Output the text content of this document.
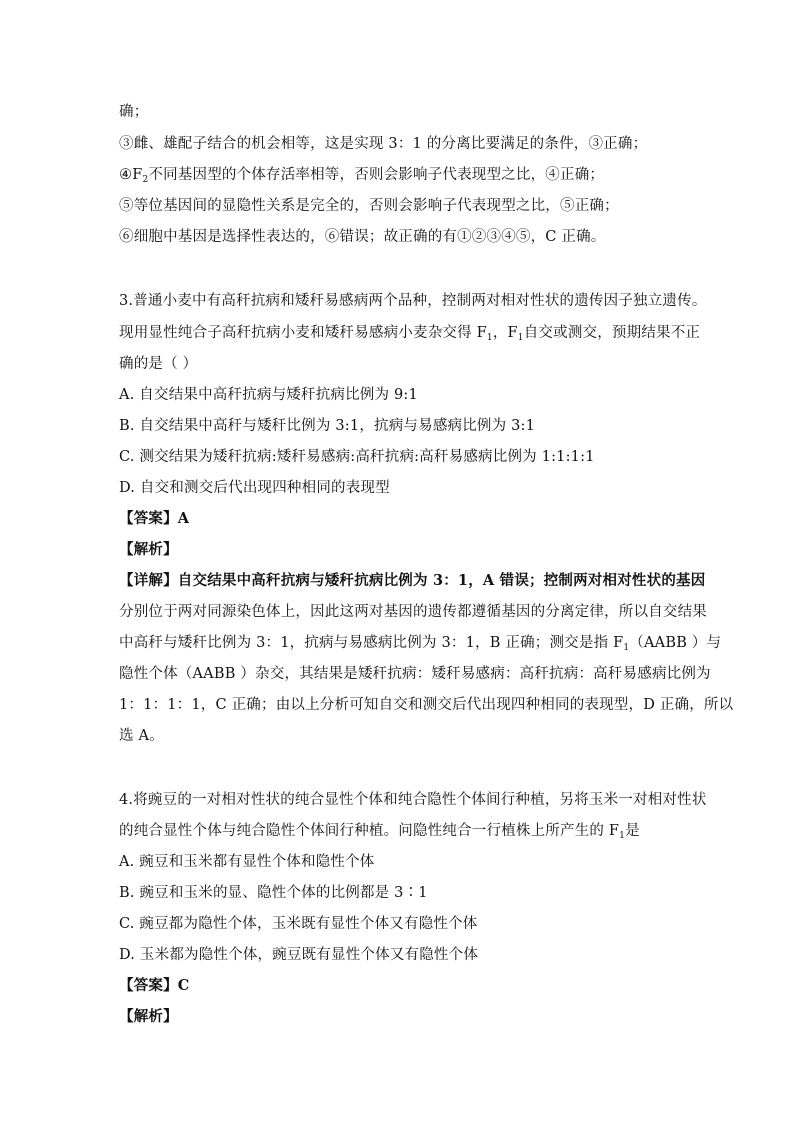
确；
③雌、雄配子结合的机会相等，这是实现 3：1 的分离比要满足的条件，③正确；
$④F_2$不同基因型的个体存活率相等，否则会影响子代表现型之比，④正确；
⑤等位基因间的显隐性关系是完全的，否则会影响子代表现型之比，⑤正确；
⑥细胞中基因是选择性表达的，⑥错误；故正确的有①②③④⑤，C 正确。
3.普通小麦中有高秆抗病和矮秆易感病两个品种，控制两对相对性状的遗传因子独立遗传。
现用显性纯合子高秆抗病小麦和矮秆易感病小麦杂交得 $F_1$，$F_1$自交或测交，预期结果不正
确的是（ ）
A. 自交结果中高秆抗病与矮秆抗病比例为 9:1
B. 自交结果中高秆与矮秆比例为 3:1，抗病与易感病比例为 3:1
C. 测交结果为矮秆抗病:矮秆易感病:高秆抗病:高秆易感病比例为 1:1:1:1
D. 自交和测交后代出现四种相同的表现型
【答案】A
【解析】
【详解】自交结果中高秆抗病与矮秆抗病比例为 3：1，A 错误；控制两对相对性状的基因
分别位于两对同源染色体上，因此这两对基因的遗传都遵循基因的分离定律，所以自交结果
中高秆与矮秆比例为 3：1，抗病与易感病比例为 3：1，B 正确；测交是指 $F_1(AABB$ ）与
隐性个体（AABB ）杂交，其结果是矮秆抗病：矮秆易感病：高秆抗病：高秆易感病比例为
1：1：1：1，C 正确；由以上分析可知自交和测交后代出现四种相同的表现型，D 正确，所以
选 A。
4.将豌豆的一对相对性状的纯合显性个体和纯合隐性个体间行种植，另将玉米一对相对性状
的纯合显性个体与纯合隐性个体间行种植。问隐性纯合一行植株上所产生的 $F_1$是
A. 豌豆和玉米都有显性个体和隐性个体
B. 豌豆和玉米的显、隐性个体的比例都是 3∶1
C. 豌豆都为隐性个体，玉米既有显性个体又有隐性个体
D. 玉米都为隐性个体，豌豆既有显性个体又有隐性个体
【答案】C
【解析】
